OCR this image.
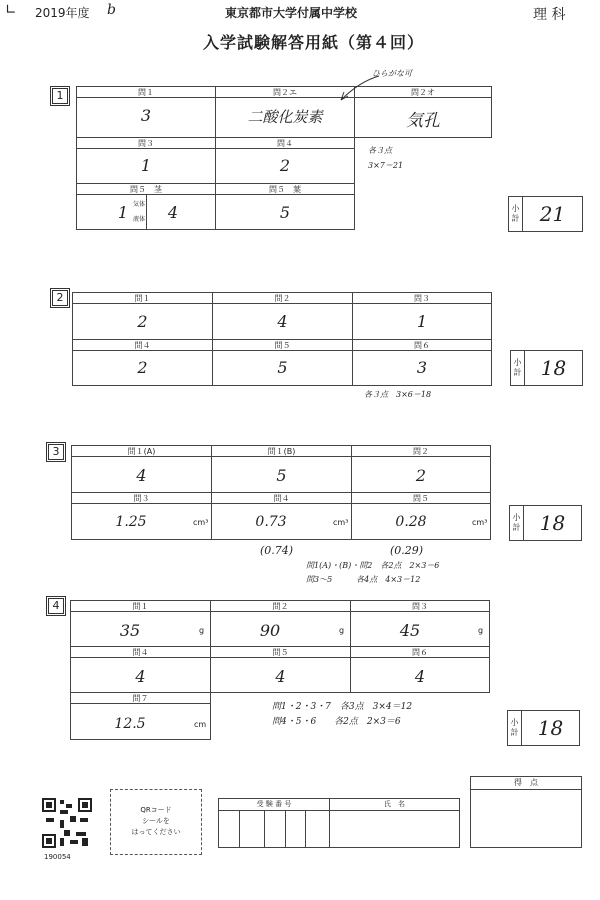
∟ 2019年度 b	東京都市大学付属中学校	理 科
入学試験解答用紙（第４回）
1	問１	問２エ	問２オ
3	二酸化炭素	気孔
問３	問４
1	2
問５　茎	問５　葉
1	4	5
ひらがな可
各３点
3×7＝21
気体
液体
小計	21
2	問１	問２	問３
2	4	1
問４	問５	問６
2	5	3
各３点　3×6＝18
小計 18
3	問１(A)	問１(B)	問２
4	5	2
問３	問４	問５
1.25	0.73	0.28
cm³	cm³	cm³
(0.74)	(0.29)
問1(A)・(B)・問2　各2点　2×3＝6
問3〜5　　　各4点　4×3＝12
小計 18
4	問１	問２	問３
35	90	45
g	g	g
問４	問５	問６
4	4	4
問７
12.5	cm
問1・2・3・7　各3点　3×4＝12
問4・5・6　　各2点　2×3＝6	小計 18
190054
QRコード
シールを
はってください
受 験 番 号	氏　名
得　点
